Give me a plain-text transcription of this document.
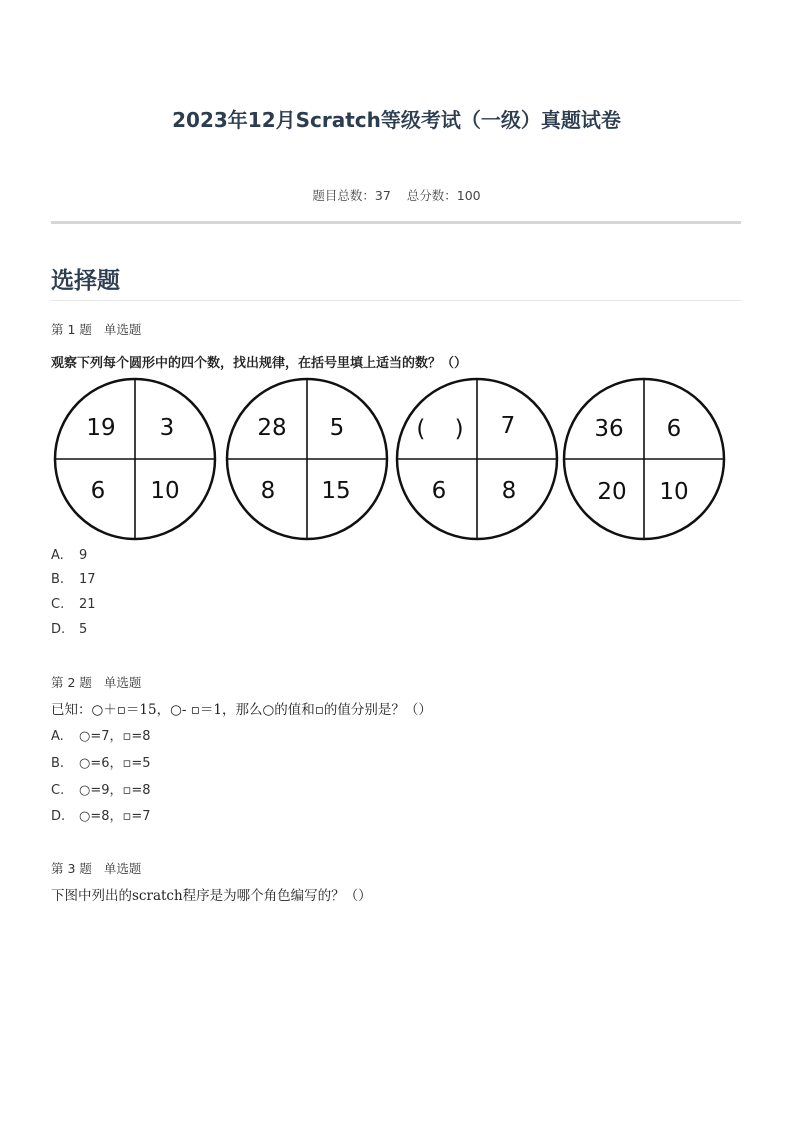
2023年12月Scratch等级考试（一级）真题试卷
题目总数：37 总分数：100
选择题
第 1 题 单选题
观察下列每个圆形中的四个数，找出规律，在括号里填上适当的数？（）
19 3
6 10
28 5
8 15
(    ) 7
6 8
36 6
20 10
A. 9
B. 17
C. 21
D. 5
第 2 题 单选题
已知：○＋▫＝15，○- ▫＝1，那么○的值和▫的值分别是？（）
A. ○=7，▫=8
B. ○=6，▫=5
C. ○=9，▫=8
D. ○=8，▫=7
第 3 题 单选题
下图中列出的scratch程序是为哪个角色编写的？（）
